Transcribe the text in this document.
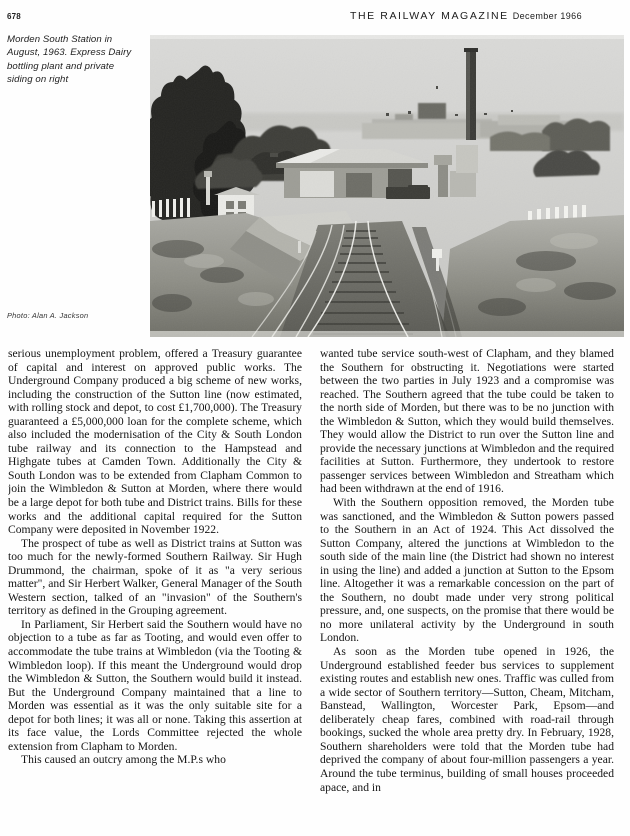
678	THE RAILWAY MAGAZINE December 1966
Morden South Station in August, 1963. Express Dairy bottling plant and private siding on right
Photo: Alan A. Jackson

serious unemployment problem, offered a Treasury guarantee of capital and interest on approved public works. The Underground Company produced a big scheme of new works, including the construction of the Sutton line (now estimated, with rolling stock and depot, to cost £1,700,000). The Treasury guaranteed a £5,000,000 loan for the complete scheme, which also included the modernisation of the City & South London tube railway and its connection to the Hampstead and Highgate tubes at Camden Town. Additionally the City & South London was to be extended from Clapham Common to join the Wimbledon & Sutton at Morden, where there would be a large depot for both tube and District trains. Bills for these works and the additional capital required for the Sutton Company were deposited in November 1922.

The prospect of tube as well as District trains at Sutton was too much for the newly-formed Southern Railway. Sir Hugh Drummond, the chairman, spoke of it as "a very serious matter", and Sir Herbert Walker, General Manager of the South Western section, talked of an "invasion" of the Southern's territory as defined in the Grouping agreement.

In Parliament, Sir Herbert said the Southern would have no objection to a tube as far as Tooting, and would even offer to accommodate the tube trains at Wimbledon (via the Tooting & Wimbledon loop). If this meant the Underground would drop the Wimbledon & Sutton, the Southern would build it instead. But the Underground Company maintained that a line to Morden was essential as it was the only suitable site for a depot for both lines; it was all or none. Taking this assertion at its face value, the Lords Committee rejected the whole extension from Clapham to Morden.

This caused an outcry among the M.P.s who

wanted tube service south-west of Clapham, and they blamed the Southern for obstructing it. Negotiations were started between the two parties in July 1923 and a compromise was reached. The Southern agreed that the tube could be taken to the north side of Morden, but there was to be no junction with the Wimbledon & Sutton, which they would build themselves. They would allow the District to run over the Sutton line and provide the necessary junctions at Wimbledon and the required facilities at Sutton. Furthermore, they undertook to restore passenger services between Wimbledon and Streatham which had been withdrawn at the end of 1916.

With the Southern opposition removed, the Morden tube was sanctioned, and the Wimbledon & Sutton powers passed to the Southern in an Act of 1924. This Act dissolved the Sutton Company, altered the junctions at Wimbledon to the south side of the main line (the District had shown no interest in using the line) and added a junction at Sutton to the Epsom line. Altogether it was a remarkable concession on the part of the Southern, no doubt made under very strong political pressure, and, one suspects, on the promise that there would be no more unilateral activity by the Underground in south London.

As soon as the Morden tube opened in 1926, the Underground established feeder bus services to supplement existing routes and establish new ones. Traffic was culled from a wide sector of Southern territory—Sutton, Cheam, Mitcham, Banstead, Wallington, Worcester Park, Epsom—and deliberately cheap fares, combined with road-rail through bookings, sucked the whole area pretty dry. In February, 1928, Southern shareholders were told that the Morden tube had deprived the company of about four-million passengers a year. Around the tube terminus, building of small houses proceeded apace, and in
